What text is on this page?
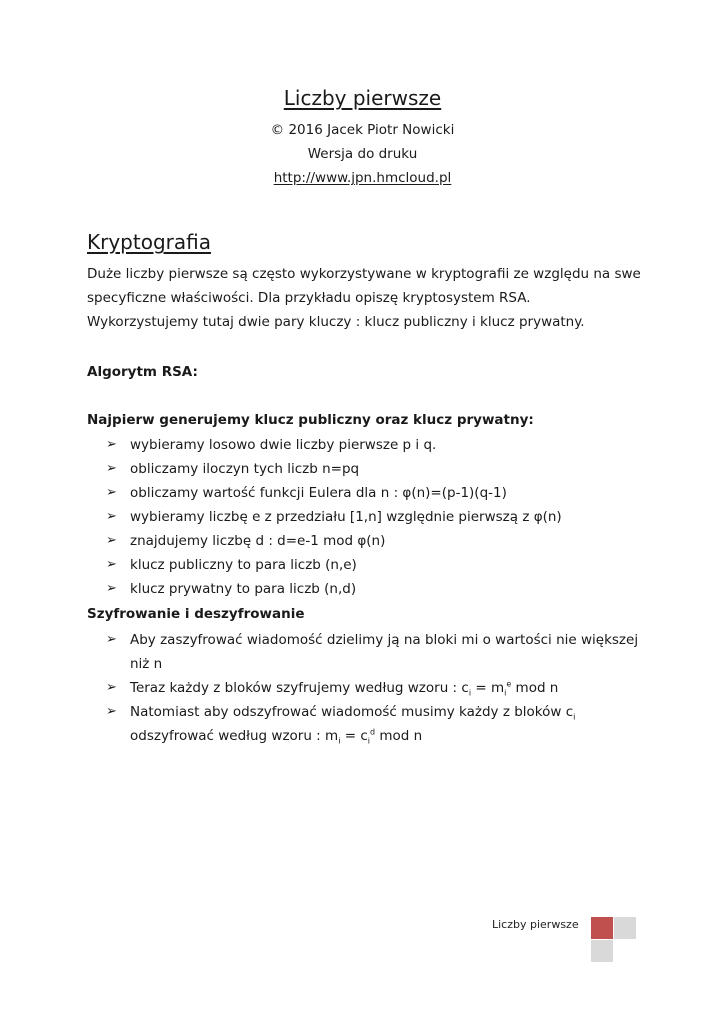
Liczby pierwsze
© 2016 Jacek Piotr Nowicki
Wersja do druku
http://www.jpn.hmcloud.pl
Kryptografia
Duże liczby pierwsze są często wykorzystywane w kryptografii ze względu na swe
specyficzne właściwości. Dla przykładu opiszę kryptosystem RSA.
Wykorzystujemy tutaj dwie pary kluczy : klucz publiczny i klucz prywatny.
Algorytm RSA:
Najpierw generujemy klucz publiczny oraz klucz prywatny:
➢ wybieramy losowo dwie liczby pierwsze p i q.
➢ obliczamy iloczyn tych liczb n=pq
➢ obliczamy wartość funkcji Eulera dla n : φ(n)=(p-1)(q-1)
➢ wybieramy liczbę e z przedziału [1,n] względnie pierwszą z φ(n)
➢ znajdujemy liczbę d : d=e-1 mod φ(n)
➢ klucz publiczny to para liczb (n,e)
➢ klucz prywatny to para liczb (n,d)
Szyfrowanie i deszyfrowanie
➢ Aby zaszyfrować wiadomość dzielimy ją na bloki mi o wartości nie większej niż n
➢ Teraz każdy z bloków szyfrujemy według wzoru : $c_i = m_i^e$ mod n
➢ Natomiast aby odszyfrować wiadomość musimy każdy z bloków $c_i$ odszyfrować według wzoru : $m_i = c_i^d$ mod n
Liczby pierwsze
